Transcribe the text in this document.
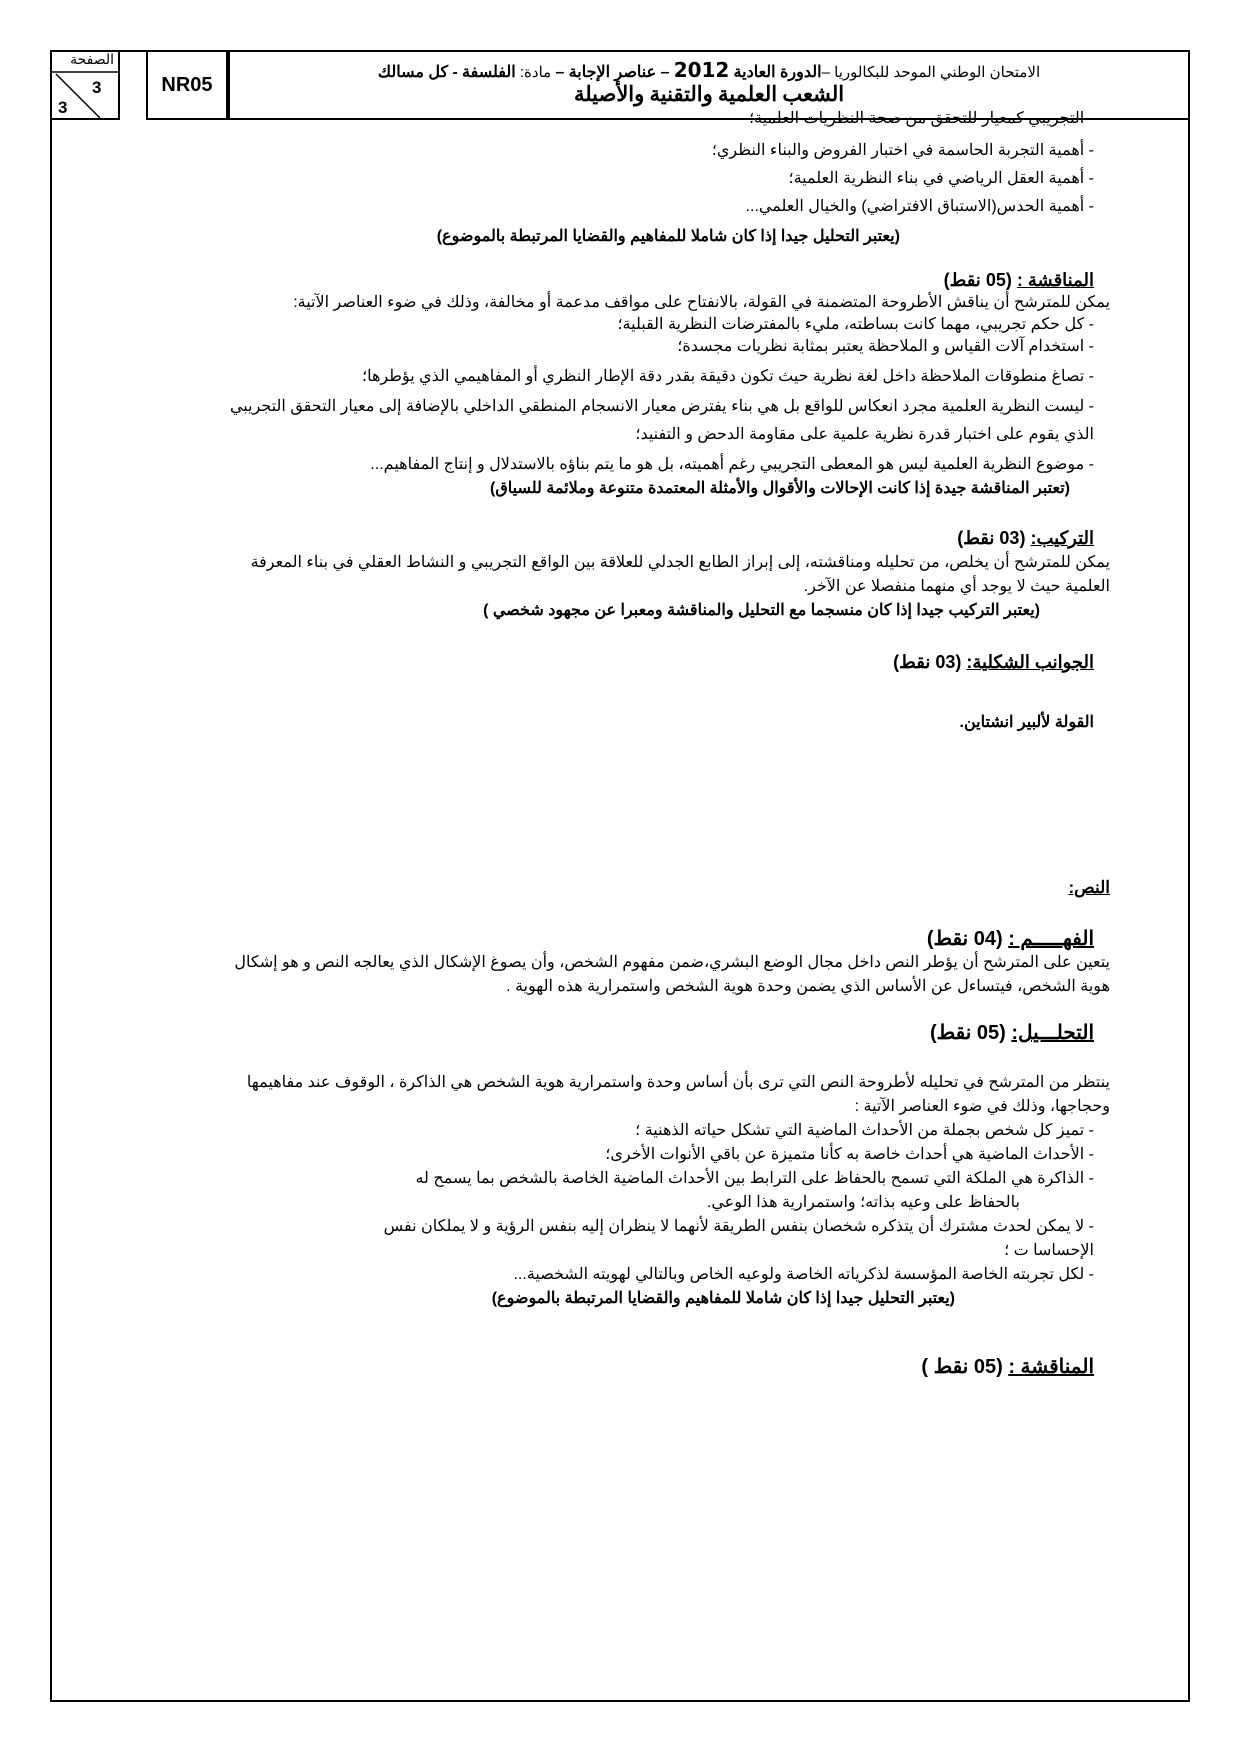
الامتحان الوطني الموحد للبكالوريا –الدورة العادية 2012 – عناصر الإجابة – مادة: الفلسفة - كل مسالك
الشعب العلمية والتقنية والأصيلة
NR05
الصفحة
3
3
- التجريبي كمعيار للتحقق من صحة النظريات العلمية؛
- أهمية التجربة الحاسمة في اختبار الفروض والبناء النظري؛
- أهمية العقل الرياضي في بناء النظرية العلمية؛
- أهمية الحدس(الاستباق الافتراضي) والخيال العلمي...
(يعتبر التحليل جيدا إذا كان شاملا للمفاهيم والقضايا المرتبطة بالموضوع)
المناقشة : (05 نقط)
يمكن للمترشح أن يناقش الأطروحة المتضمنة في القولة، بالانفتاح على مواقف مدعمة أو مخالفة، وذلك في ضوء العناصر الآتية:
- كل حكم تجريبي، مهما كانت بساطته، مليء بالمفترضات النظرية القبلية؛
- استخدام آلات القياس و الملاحظة يعتبر بمثابة نظريات مجسدة؛
- تصاغ منطوقات الملاحظة داخل لغة نظرية حيث تكون دقيقة بقدر دقة الإطار النظري أو المفاهيمي الذي يؤطرها؛
- ليست النظرية العلمية مجرد انعكاس للواقع بل هي بناء يفترض معيار الانسجام المنطقي الداخلي بالإضافة إلى معيار التحقق التجريبي
الذي يقوم على اختبار قدرة نظرية علمية على مقاومة الدحض و التفنيد؛
- موضوع النظرية العلمية ليس هو المعطى التجريبي رغم أهميته، بل هو ما يتم بناؤه بالاستدلال و إنتاج المفاهيم...
(تعتبر المناقشة جيدة إذا كانت الإحالات والأقوال والأمثلة المعتمدة متنوعة وملائمة للسياق)
التركيب: (03 نقط)
يمكن للمترشح أن يخلص، من تحليله ومناقشته، إلى إبراز الطابع الجدلي للعلاقة بين الواقع التجريبي و النشاط العقلي في بناء المعرفة
العلمية حيث لا يوجد أي منهما منفصلا عن الآخر.
(يعتبر التركيب جيدا إذا كان منسجما مع التحليل والمناقشة ومعبرا عن مجهود شخصي )
الجوانب الشكلية: (03 نقط)
القولة لألبير انشتاين.
النص:
الفهـــــم : (04 نقط)
يتعين على المترشح أن يؤطر النص داخل مجال الوضع البشري،ضمن مفهوم الشخص، وأن يصوغ الإشكال الذي يعالجه النص و هو إشكال
هوية الشخص، فيتساءل عن الأساس الذي يضمن وحدة هوية الشخص واستمرارية هذه الهوية .
التحلـــيل: (05 نقط)
ينتظر من المترشح في تحليله لأطروحة النص التي ترى بأن أساس وحدة واستمرارية هوية الشخص هي الذاكرة ، الوقوف عند مفاهيمها
وحجاجها، وذلك في ضوء العناصر الآتية :
- تميز كل شخص بجملة من الأحداث الماضية التي تشكل حياته الذهنية ؛
- الأحداث الماضية هي أحداث خاصة به كأنا متميزة عن باقي الأنوات الأخرى؛
- الذاكرة هي الملكة التي تسمح بالحفاظ على الترابط بين الأحداث الماضية الخاصة بالشخص بما يسمح له
بالحفاظ على وعيه بذاته؛ واستمرارية هذا الوعي.
- لا يمكن لحدث مشترك أن يتذكره شخصان بنفس الطريقة لأنهما لا ينظران إليه بنفس الرؤية و لا يملكان نفس
الإحساسا ت ؛
- لكل تجربته الخاصة المؤسسة لذكرياته الخاصة ولوعيه الخاص وبالتالي لهويته الشخصية...
(يعتبر التحليل جيدا إذا كان شاملا للمفاهيم والقضايا المرتبطة بالموضوع)
المناقشة : (05 نقط )
